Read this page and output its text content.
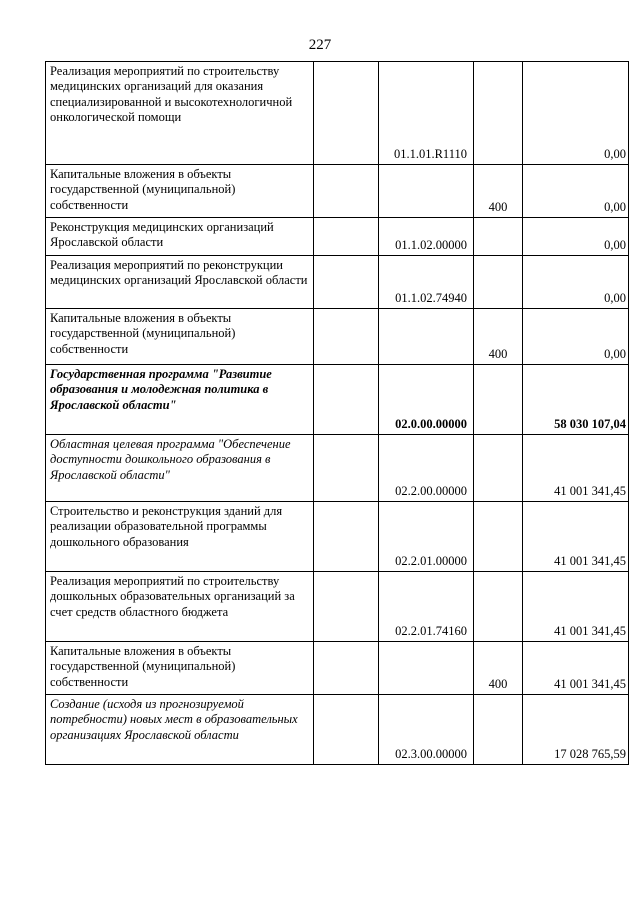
227
Реализация мероприятий по строительству медицинских организаций для оказания специализированной и высокотехнологичной онкологической помощи		01.1.01.R1110		0,00
Капитальные вложения в объекты государственной (муниципальной) собственности			400	0,00
Реконструкция медицинских организаций Ярославской области		01.1.02.00000		0,00
Реализация мероприятий по реконструкции медицинских организаций Ярославской области		01.1.02.74940		0,00
Капитальные вложения в объекты государственной (муниципальной) собственности			400	0,00
Государственная программа "Развитие образования и молодежная политика в Ярославской области"		02.0.00.00000		58 030 107,04
Областная целевая программа "Обеспечение доступности дошкольного образования в Ярославской области"		02.2.00.00000		41 001 341,45
Строительство и реконструкция зданий для реализации образовательной программы дошкольного образования		02.2.01.00000		41 001 341,45
Реализация мероприятий по строительству дошкольных образовательных организаций за счет средств областного бюджета		02.2.01.74160		41 001 341,45
Капитальные вложения в объекты государственной (муниципальной) собственности			400	41 001 341,45
Создание (исходя из прогнозируемой потребности) новых мест в образовательных организациях Ярославской области		02.3.00.00000		17 028 765,59
